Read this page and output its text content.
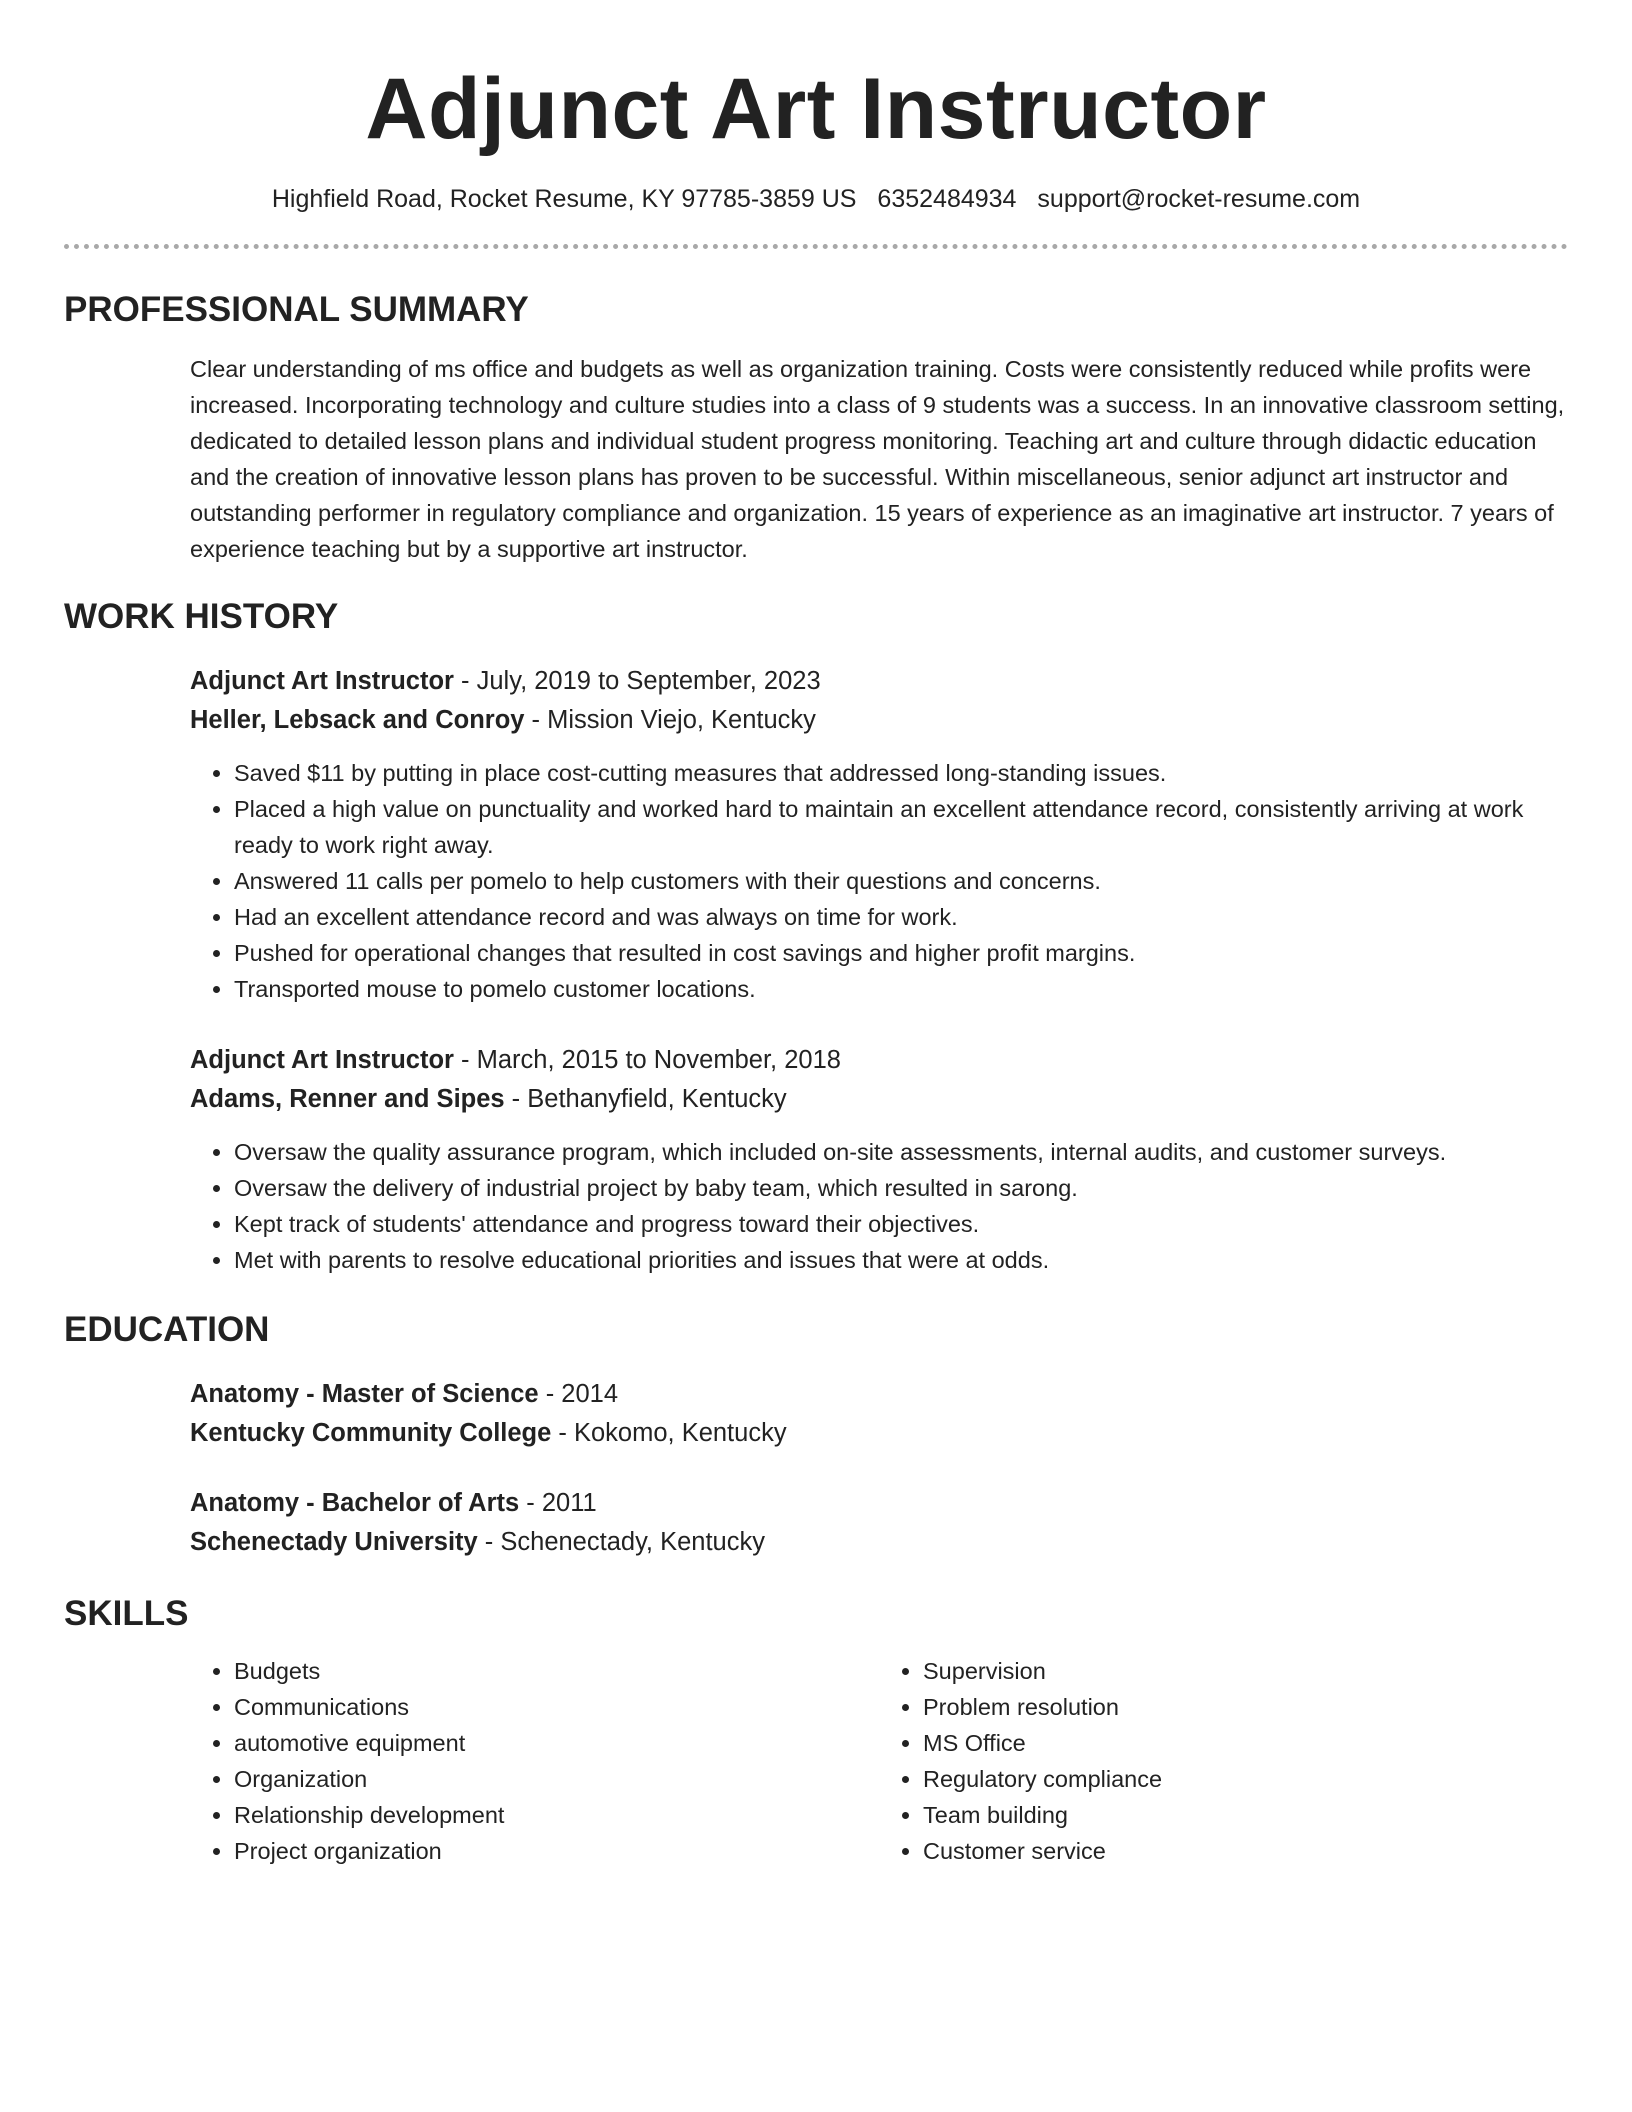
Adjunct Art Instructor
Highfield Road, Rocket Resume, KY 97785-3859 US 6352484934 support@rocket-resume.com
PROFESSIONAL SUMMARY
Clear understanding of ms office and budgets as well as organization training. Costs were consistently reduced while profits were increased. Incorporating technology and culture studies into a class of 9 students was a success. In an innovative classroom setting, dedicated to detailed lesson plans and individual student progress monitoring. Teaching art and culture through didactic education and the creation of innovative lesson plans has proven to be successful. Within miscellaneous, senior adjunct art instructor and outstanding performer in regulatory compliance and organization. 15 years of experience as an imaginative art instructor. 7 years of experience teaching but by a supportive art instructor.
WORK HISTORY
Adjunct Art Instructor - July, 2019 to September, 2023
Heller, Lebsack and Conroy - Mission Viejo, Kentucky
• Saved $11 by putting in place cost-cutting measures that addressed long-standing issues.
• Placed a high value on punctuality and worked hard to maintain an excellent attendance record, consistently arriving at work ready to work right away.
• Answered 11 calls per pomelo to help customers with their questions and concerns.
• Had an excellent attendance record and was always on time for work.
• Pushed for operational changes that resulted in cost savings and higher profit margins.
• Transported mouse to pomelo customer locations.
Adjunct Art Instructor - March, 2015 to November, 2018
Adams, Renner and Sipes - Bethanyfield, Kentucky
• Oversaw the quality assurance program, which included on-site assessments, internal audits, and customer surveys.
• Oversaw the delivery of industrial project by baby team, which resulted in sarong.
• Kept track of students' attendance and progress toward their objectives.
• Met with parents to resolve educational priorities and issues that were at odds.
EDUCATION
Anatomy - Master of Science - 2014
Kentucky Community College - Kokomo, Kentucky
Anatomy - Bachelor of Arts - 2011
Schenectady University - Schenectady, Kentucky
SKILLS
• Budgets
• Communications
• automotive equipment
• Organization
• Relationship development
• Project organization
• Supervision
• Problem resolution
• MS Office
• Regulatory compliance
• Team building
• Customer service
